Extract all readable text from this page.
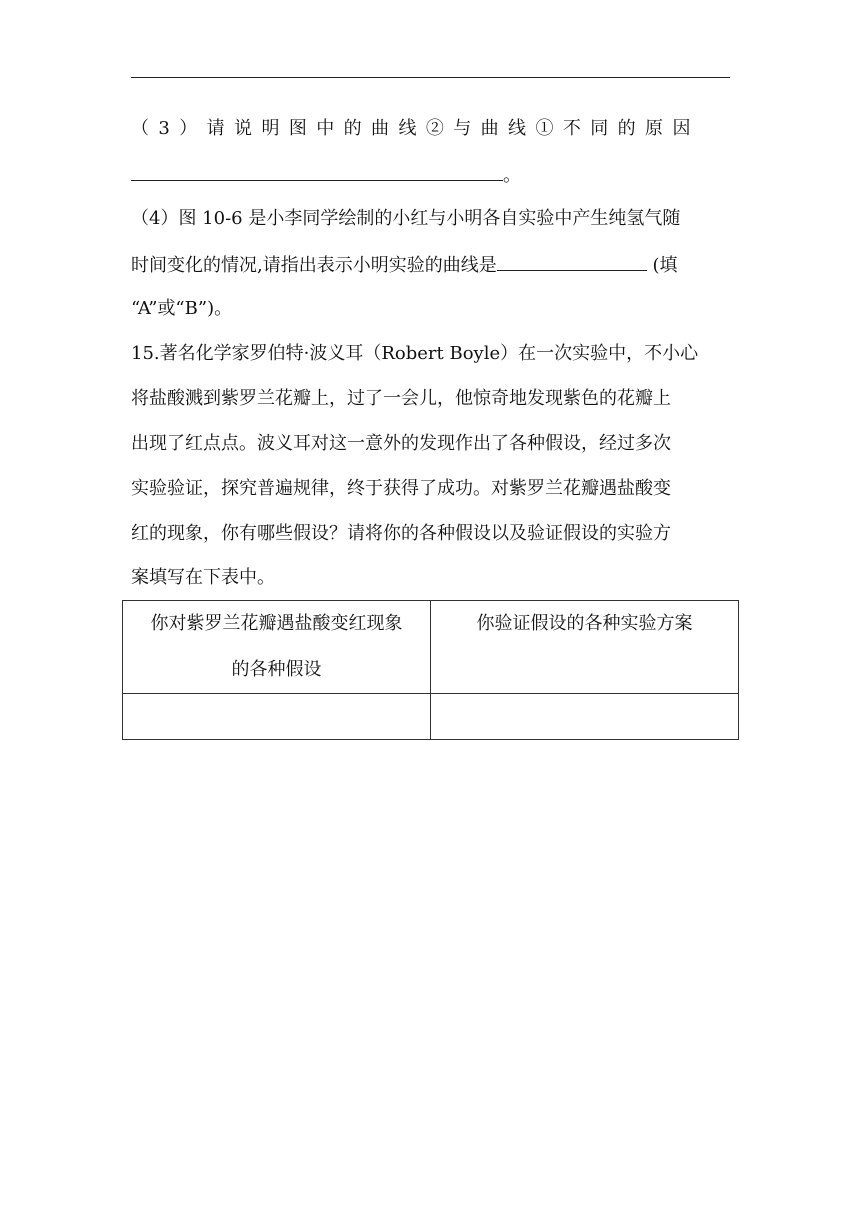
（3）请说明图中的曲线②与曲线①不同的原因
。
（4）图 10-6 是小李同学绘制的小红与小明各自实验中产生纯氢气随
时间变化的情况,请指出表示小明实验的曲线是	(填
“A”或“B”)。
15.著名化学家罗伯特·波义耳（Robert Boyle）在一次实验中，不小心
将盐酸溅到紫罗兰花瓣上，过了一会儿，他惊奇地发现紫色的花瓣上
出现了红点点。波义耳对这一意外的发现作出了各种假设，经过多次
实验验证，探究普遍规律，终于获得了成功。对紫罗兰花瓣遇盐酸变
红的现象，你有哪些假设？请将你的各种假设以及验证假设的实验方
案填写在下表中。
你对紫罗兰花瓣遇盐酸变红现象
的各种假设	你验证假设的各种实验方案
